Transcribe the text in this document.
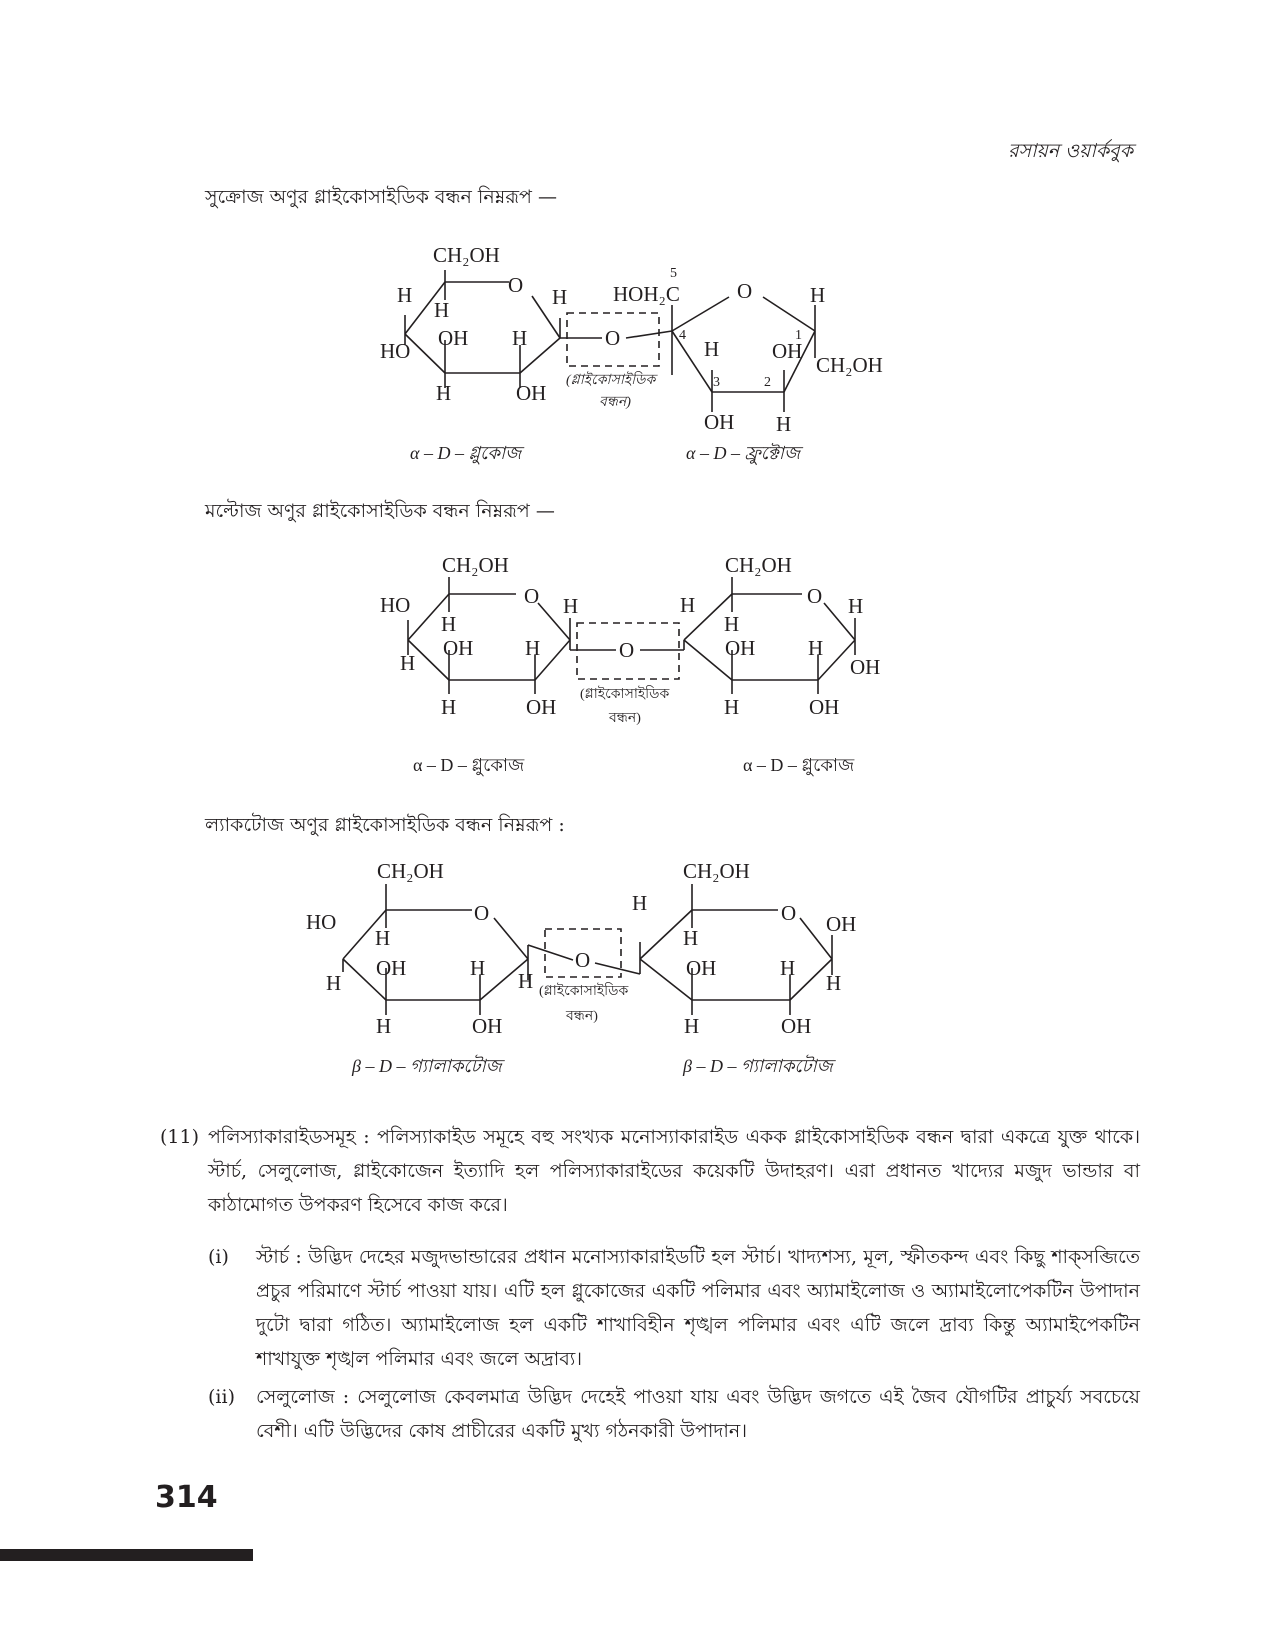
রসায়ন ওয়ার্কবুক
সুক্রোজ অণুর গ্লাইকোসাইডিক বন্ধন নিম্নরূপ —
CH₂OH
O
H
H
OH H
HO
H
OH
H
O
(গ্লাইকোসাইডিক
বন্ধন)
HOH₂C
5
O	H
4	1
H	OH
CH₂OH
3	2
OH H
α – D – গ্লুকোজ	α – D – ফ্রুক্টোজ
CH₂OH
HO	O H
H
OH H
H
H	OH
O
(গ্লাইকোসাইডিক
বন্ধন)
CH₂OH
H	O H
H
OH	H
OH
H	OH
α – D – গ্লুকোজ	α – D – গ্লুকোজ
মল্টোজ অণুর গ্লাইকোসাইডিক বন্ধন নিম্নরূপ —
ল্যাকটোজ অণুর গ্লাইকোসাইডিক বন্ধন নিম্নরূপ :
CH₂OH
HO	O
H
OH	H
H	H
H	OH
O
(গ্লাইকোসাইডিক
বন্ধন)
H
CH₂OH
O OH
H
OH	H
H
H	OH
β – D – গ্যালাকটোজ	β – D – গ্যালাকটোজ
(11) পলিস্যাকারাইডসমূহ : পলিস্যাকাইড সমূহে বহু সংখ্যক মনোস্যাকারাইড একক গ্লাইকোসাইডিক বন্ধন দ্বারা একত্রে যুক্ত থাকে। স্টার্চ, সেলুলোজ, গ্লাইকোজেন ইত্যাদি হল পলিস্যাকারাইডের কয়েকটি উদাহরণ। এরা প্রধানত খাদ্যের মজুদ ভান্ডার বা কাঠামোগত উপকরণ হিসেবে কাজ করে।
(i) স্টার্চ : উদ্ভিদ দেহের মজুদভান্ডারের প্রধান মনোস্যাকারাইডটি হল স্টার্চ। খাদ্যশস্য, মূল, স্ফীতকন্দ এবং কিছু শাক্‌সব্জিতে প্রচুর পরিমাণে স্টার্চ পাওয়া যায়। এটি হল গ্লুকোজের একটি পলিমার এবং অ্যামাইলোজ ও অ্যামাইলোপেকটিন উপাদান দুটো দ্বারা গঠিত। অ্যামাইলোজ হল একটি শাখাবিহীন শৃঙ্খল পলিমার এবং এটি জলে দ্রাব্য কিন্তু অ্যামাইপেকটিন শাখাযুক্ত শৃঙ্খল পলিমার এবং জলে অদ্রাব্য।
(ii) সেলুলোজ : সেলুলোজ কেবলমাত্র উদ্ভিদ দেহেই পাওয়া যায় এবং উদ্ভিদ জগতে এই জৈব যৌগটির প্রাচুর্য্য সবচেয়ে বেশী। এটি উদ্ভিদের কোষ প্রাচীরের একটি মুখ্য গঠনকারী উপাদান।
314
